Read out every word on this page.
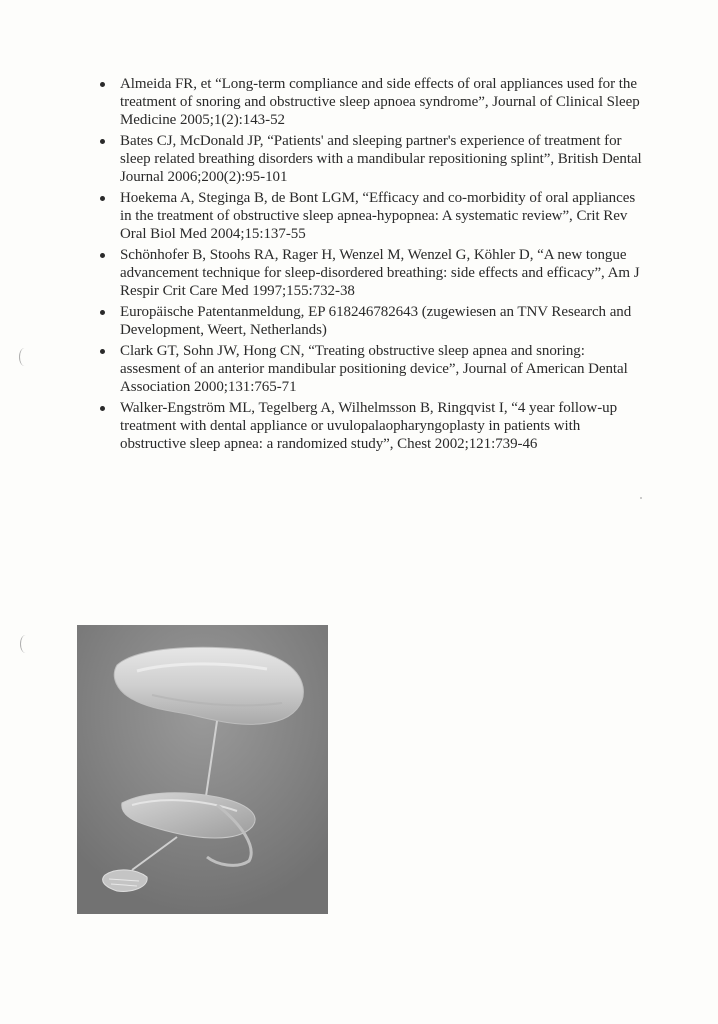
Almeida FR, et “Long-term compliance and side effects of oral appliances used for the treatment of snoring and obstructive sleep apnoea syndrome”, Journal of Clinical Sleep Medicine 2005;1(2):143-52
Bates CJ, McDonald JP, “Patients' and sleeping partner's experience of treatment for sleep related breathing disorders with a mandibular repositioning splint”, British Dental Journal 2006;200(2):95-101
Hoekema A, Steginga B, de Bont LGM, “Efficacy and co-morbidity of oral appliances in the treatment of obstructive sleep apnea-hypopnea: A systematic review”, Crit Rev Oral Biol Med 2004;15:137-55
Schönhofer B, Stoohs RA, Rager H, Wenzel M, Wenzel G, Köhler D, “A new tongue advancement technique for sleep-disordered breathing: side effects and efficacy”, Am J Respir Crit Care Med 1997;155:732-38
Europäische Patentanmeldung, EP 618246782643 (zugewiesen an TNV Research and Development, Weert, Netherlands)
Clark GT, Sohn JW, Hong CN, “Treating obstructive sleep apnea and snoring: assesment of an anterior mandibular positioning device”, Journal of American Dental Association 2000;131:765-71
Walker-Engström ML, Tegelberg A, Wilhelmsson B, Ringqvist I, “4 year follow-up treatment with dental appliance or uvulopalaopharyngoplasty in patients with obstructive sleep apnea: a randomized study”, Chest 2002;121:739-46
